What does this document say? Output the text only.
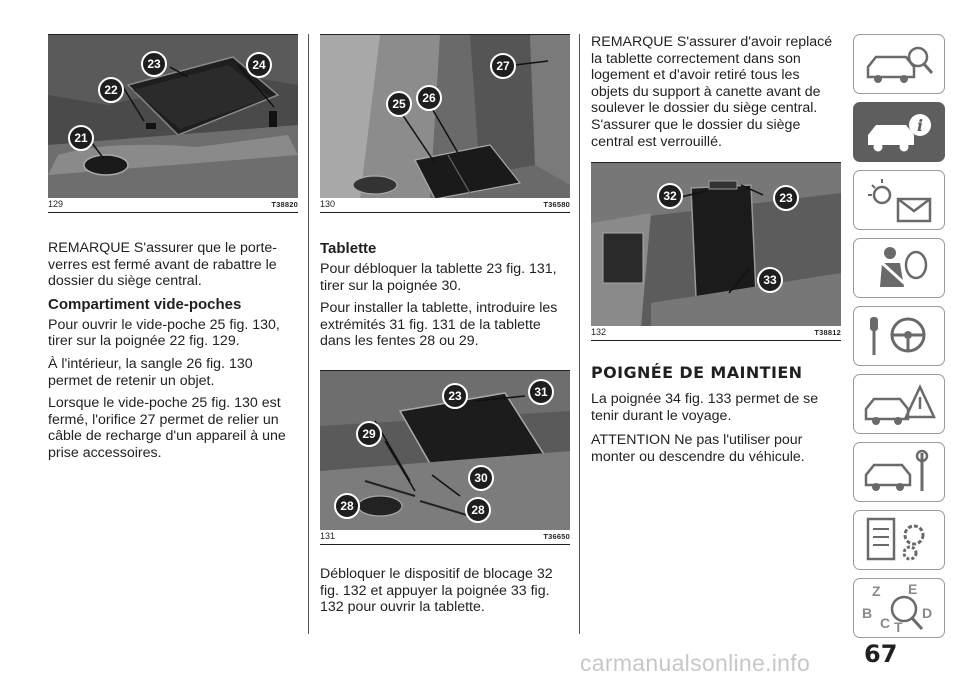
23	24
22
21
129	T38820

REMARQUE S'assurer que le porte-verres est fermé avant de rabattre le dossier du siège central.

Compartiment vide-poches

Pour ouvrir le vide-poche 25 fig. 130, tirer sur la poignée 22 fig. 129.

À l'intérieur, la sangle 26 fig. 130 permet de retenir un objet.

Lorsque le vide-poche 25 fig. 130 est fermé, l'orifice 27 permet de relier un câble de recharge d'un appareil à une prise accessoires.

27
26
25
130	T36580
Tablette

Pour débloquer la tablette 23 fig. 131, tirer sur la poignée 30.

Pour installer la tablette, introduire les extrémités 31 fig. 131 de la tablette dans les fentes 28 ou 29.

23	31
29
30
28	28
131	T36650

Débloquer le dispositif de blocage 32 fig. 132 et appuyer la poignée 33 fig. 132 pour ouvrir la tablette.

REMARQUE S'assurer d'avoir replacé la tablette correctement dans son logement et d'avoir retiré tous les objets du support à canette avant de soulever le dossier du siège central. S'assurer que le dossier du siège central est verrouillé.

32	23
33
132	T38812
POIGNÉE DE MAINTIEN

La poignée 34 fig. 133 permet de se tenir durant le voyage.

ATTENTION Ne pas l'utiliser pour monter ou descendre du véhicule.

i
Z E
B
C T
D
67
carmanualsonline.info
